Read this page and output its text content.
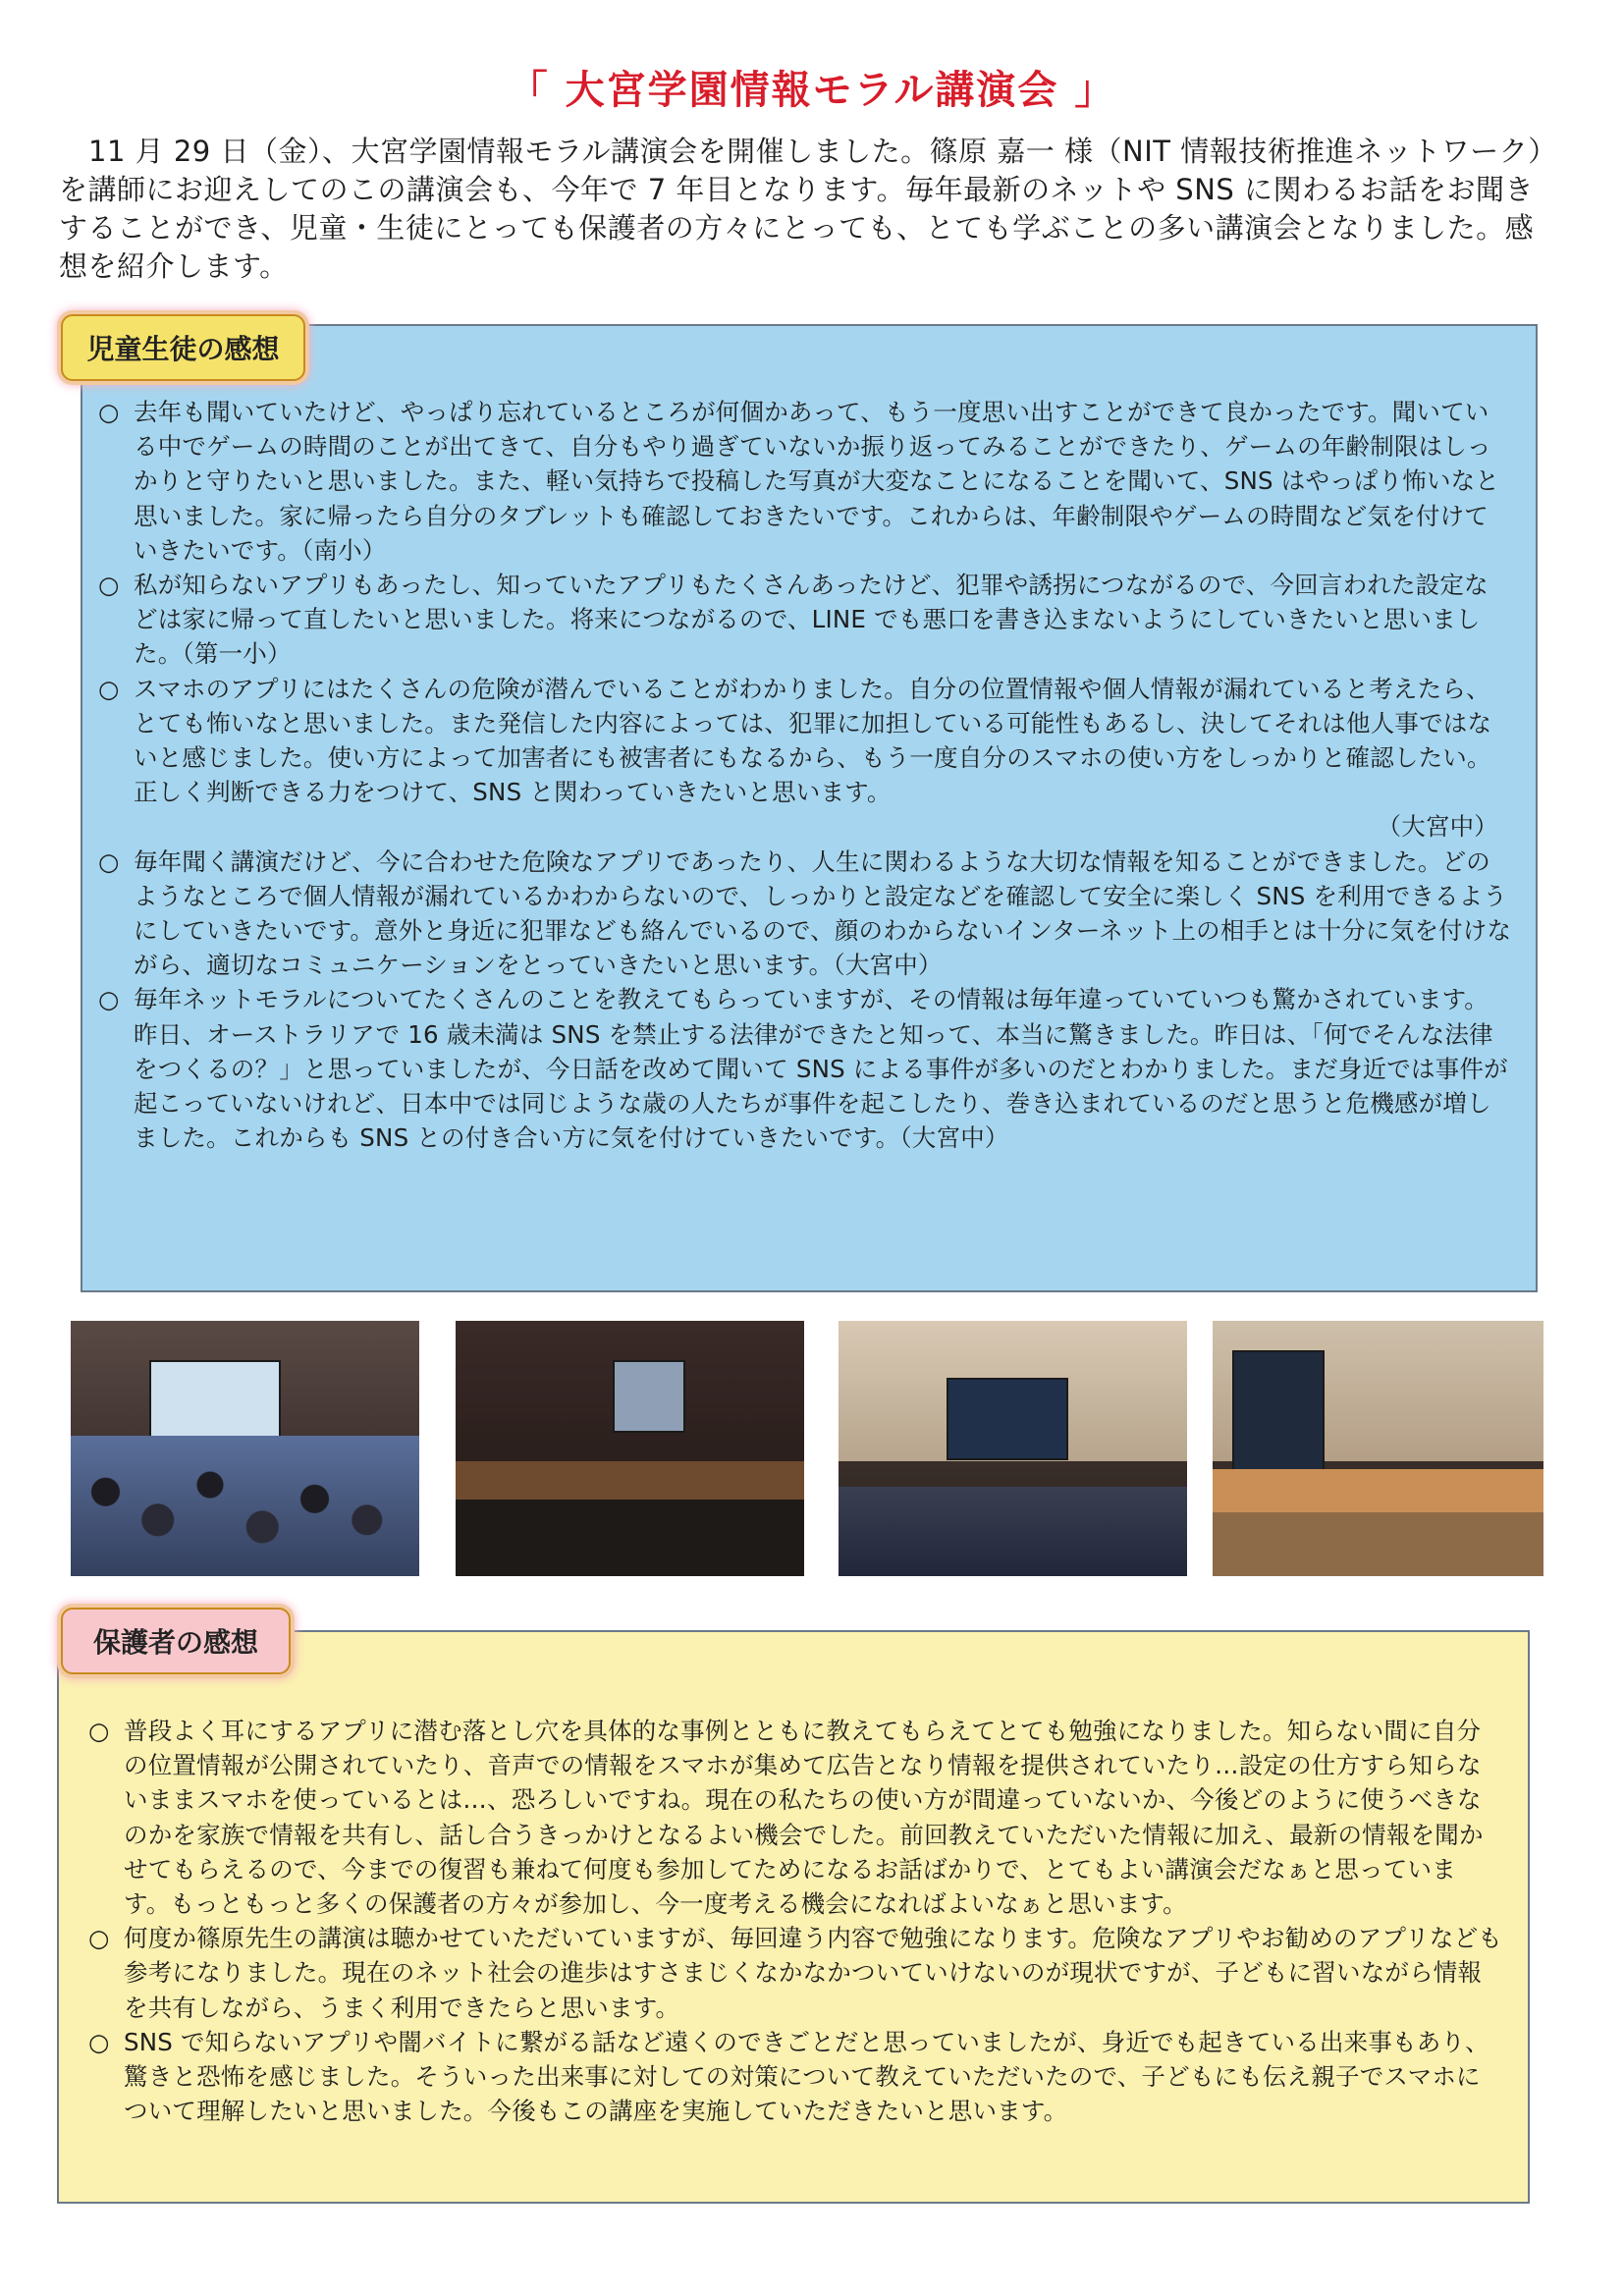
「 大宮学園情報モラル講演会 」

11 月 29 日（金）、大宮学園情報モラル講演会を開催しました。篠原 嘉一 様（NIT 情報技術推進ネットワーク）を講師にお迎えしてのこの講演会も、今年で 7 年目となります。毎年最新のネットや SNS に関わるお話をお聞きすることができ、児童・生徒にとっても保護者の方々にとっても、とても学ぶことの多い講演会となりました。感想を紹介します。

児童生徒の感想
○ 去年も聞いていたけど、やっぱり忘れているところが何個かあって、もう一度思い出すことができて良かったです。聞いている中でゲームの時間のことが出てきて、自分もやり過ぎていないか振り返ってみることができたり、ゲームの年齢制限はしっかりと守りたいと思いました。また、軽い気持ちで投稿した写真が大変なことになることを聞いて、SNS はやっぱり怖いなと思いました。家に帰ったら自分のタブレットも確認しておきたいです。これからは、年齢制限やゲームの時間など気を付けていきたいです。（南小）
○ 私が知らないアプリもあったし、知っていたアプリもたくさんあったけど、犯罪や誘拐につながるので、今回言われた設定などは家に帰って直したいと思いました。将来につながるので、LINE でも悪口を書き込まないようにしていきたいと思いました。（第一小）
○ スマホのアプリにはたくさんの危険が潜んでいることがわかりました。自分の位置情報や個人情報が漏れていると考えたら、とても怖いなと思いました。また発信した内容によっては、犯罪に加担している可能性もあるし、決してそれは他人事ではないと感じました。使い方によって加害者にも被害者にもなるから、もう一度自分のスマホの使い方をしっかりと確認したい。正しく判断できる力をつけて、SNS と関わっていきたいと思います。
（大宮中）
○ 毎年聞く講演だけど、今に合わせた危険なアプリであったり、人生に関わるような大切な情報を知ることができました。どのようなところで個人情報が漏れているかわからないので、しっかりと設定などを確認して安全に楽しく SNS を利用できるようにしていきたいです。意外と身近に犯罪なども絡んでいるので、顔のわからないインターネット上の相手とは十分に気を付けながら、適切なコミュニケーションをとっていきたいと思います。（大宮中）
○ 毎年ネットモラルについてたくさんのことを教えてもらっていますが、その情報は毎年違っていていつも驚かされています。昨日、オーストラリアで 16 歳未満は SNS を禁止する法律ができたと知って、本当に驚きました。昨日は、「何でそんな法律をつくるの？」と思っていましたが、今日話を改めて聞いて SNS による事件が多いのだとわかりました。まだ身近では事件が起こっていないけれど、日本中では同じような歳の人たちが事件を起こしたり、巻き込まれているのだと思うと危機感が増しました。これからも SNS との付き合い方に気を付けていきたいです。（大宮中）
保護者の感想
○ 普段よく耳にするアプリに潜む落とし穴を具体的な事例とともに教えてもらえてとても勉強になりました。知らない間に自分の位置情報が公開されていたり、音声での情報をスマホが集めて広告となり情報を提供されていたり…設定の仕方すら知らないままスマホを使っているとは…、恐ろしいですね。現在の私たちの使い方が間違っていないか、今後どのように使うべきなのかを家族で情報を共有し、話し合うきっかけとなるよい機会でした。前回教えていただいた情報に加え、最新の情報を聞かせてもらえるので、今までの復習も兼ねて何度も参加してためになるお話ばかりで、とてもよい講演会だなぁと思っています。もっともっと多くの保護者の方々が参加し、今一度考える機会になればよいなぁと思います。
○ 何度か篠原先生の講演は聴かせていただいていますが、毎回違う内容で勉強になります。危険なアプリやお勧めのアプリなども参考になりました。現在のネット社会の進歩はすさまじくなかなかついていけないのが現状ですが、子どもに習いながら情報を共有しながら、うまく利用できたらと思います。
○ SNS で知らないアプリや闇バイトに繋がる話など遠くのできごとだと思っていましたが、身近でも起きている出来事もあり、驚きと恐怖を感じました。そういった出来事に対しての対策について教えていただいたので、子どもにも伝え親子でスマホについて理解したいと思いました。今後もこの講座を実施していただきたいと思います。
